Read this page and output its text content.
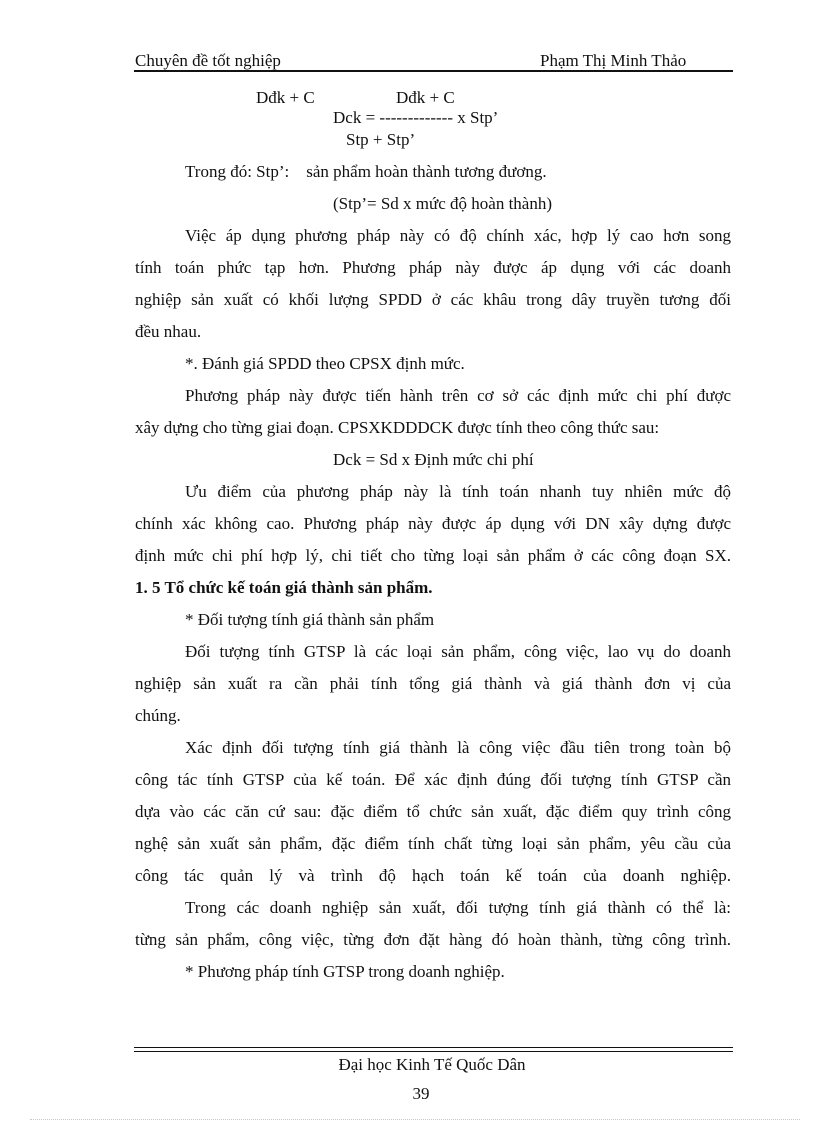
Chuyên đề tốt nghiệp	Phạm Thị Minh Thảo
Dđk + C	Dđk + C
Dck = ------------- x Stp’
Stp + Stp’
Trong đó: Stp’:    sản phẩm hoàn thành tương đương.
(Stp’= Sd x mức độ hoàn thành)
Việc áp dụng phương pháp này có độ chính xác, hợp lý cao hơn song
tính toán phức tạp hơn. Phương pháp này được áp dụng với các doanh
nghiệp sản xuất có khối lượng SPDD ở các khâu trong dây truyền tương đối
đều nhau.
*. Đánh giá SPDD theo CPSX định mức.
Phương pháp này được tiến hành trên cơ sở các định mức chi phí được
xây dựng cho từng giai đoạn. CPSXKDDDCK được tính theo công thức sau:
Dck = Sd x Định mức chi phí
Ưu điểm của phương pháp này là tính toán nhanh tuy nhiên mức độ
chính xác không cao. Phương pháp này được áp dụng với DN xây dựng được
định mức chi phí hợp lý, chi tiết cho từng loại sản phẩm ở các công đoạn SX.
1. 5 Tổ chức kế toán giá thành sản phẩm.
* Đối tượng tính giá thành sản phẩm
Đối tượng tính GTSP là các loại sản phẩm, công việc, lao vụ do doanh
nghiệp sản xuất ra cần phải tính tổng giá thành và giá thành đơn vị của
chúng.
Xác định đối tượng tính giá thành là công việc đầu tiên trong toàn bộ
công tác tính GTSP của kế toán. Để xác định đúng đối tượng tính GTSP cần
dựa vào các căn cứ sau: đặc điểm tổ chức sản xuất, đặc điểm quy trình công
nghệ sản xuất sản phẩm, đặc điểm tính chất từng loại sản phẩm, yêu cầu của
công tác quản lý và trình độ hạch toán kế toán của doanh nghiệp.
Trong các doanh nghiệp sản xuất, đối tượng tính giá thành có thể là:
từng sản phẩm, công việc, từng đơn đặt hàng đó hoàn thành, từng công trình.
* Phương pháp tính GTSP trong doanh nghiệp.
Đại học Kinh Tế Quốc Dân
39
